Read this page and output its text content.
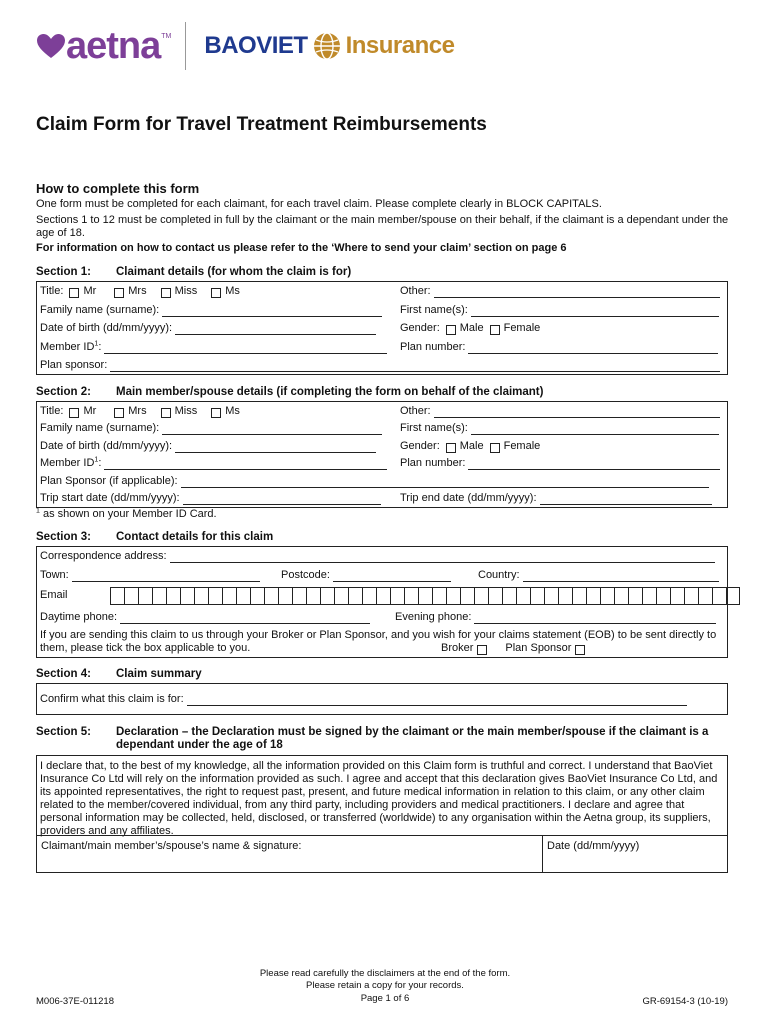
aetna TM BAOVIET Insurance
Claim Form for Travel Treatment Reimbursements
How to complete this form
One form must be completed for each claimant, for each travel claim. Please complete clearly in BLOCK CAPITALS.
Sections 1 to 12 must be completed in full by the claimant or the main member/spouse on their behalf, if the claimant is a dependant under the age of 18.
For information on how to contact us please refer to the ‘Where to send your claim’ section on page 6
Section 1: Claimant details (for whom the claim is for)
Title: Mr	Mrs	Miss	Ms	Other:
Family name (surname):	First name(s):
Date of birth (dd/mm/yyyy):	Gender: Male Female
Member $ID^1$:	Plan number:
Plan sponsor:
Section 2: Main member/spouse details (if completing the form on behalf of the claimant)
Title: Mr	Mrs	Miss	Ms	Other:
Family name (surname):	First name(s):
Date of birth (dd/mm/yyyy):	Gender: Male Female
Member $ID^1$:	Plan number:
Plan Sponsor (if applicable):
Trip start date (dd/mm/yyyy):	Trip end date (dd/mm/yyyy):
$^1$ as shown on your Member ID Card.
Section 3: Contact details for this claim
Correspondence address:
Town:	Postcode:	Country:
Email
Daytime phone:	Evening phone:
If you are sending this claim to us through your Broker or Plan Sponsor, and you wish for your claims statement (EOB) to be sent directly to them, please tick the box applicable to you.	Broker	Plan Sponsor
Section 4: Claim summary
Confirm what this claim is for:
Section 5: Declaration – the Declaration must be signed by the claimant or the main member/spouse if the claimant is a dependant under the age of 18
I declare that, to the best of my knowledge, all the information provided on this Claim form is truthful and correct. I understand that BaoViet Insurance Co Ltd will rely on the information provided as such. I agree and accept that this declaration gives BaoViet Insurance Co Ltd, and its appointed representatives, the right to request past, present, and future medical information in relation to this claim, or any other claim related to the member/covered individual, from any third party, including providers and medical practitioners. I declare and agree that personal information may be collected, held, disclosed, or transferred (worldwide) to any organisation within the Aetna group, its suppliers, providers and any affiliates.
Claimant/main member’s/spouse’s name & signature:	Date (dd/mm/yyyy)
Please read carefully the disclaimers at the end of the form.
Please retain a copy for your records.
Page 1 of 6
M006-37E-011218	GR-69154-3 (10-19)
